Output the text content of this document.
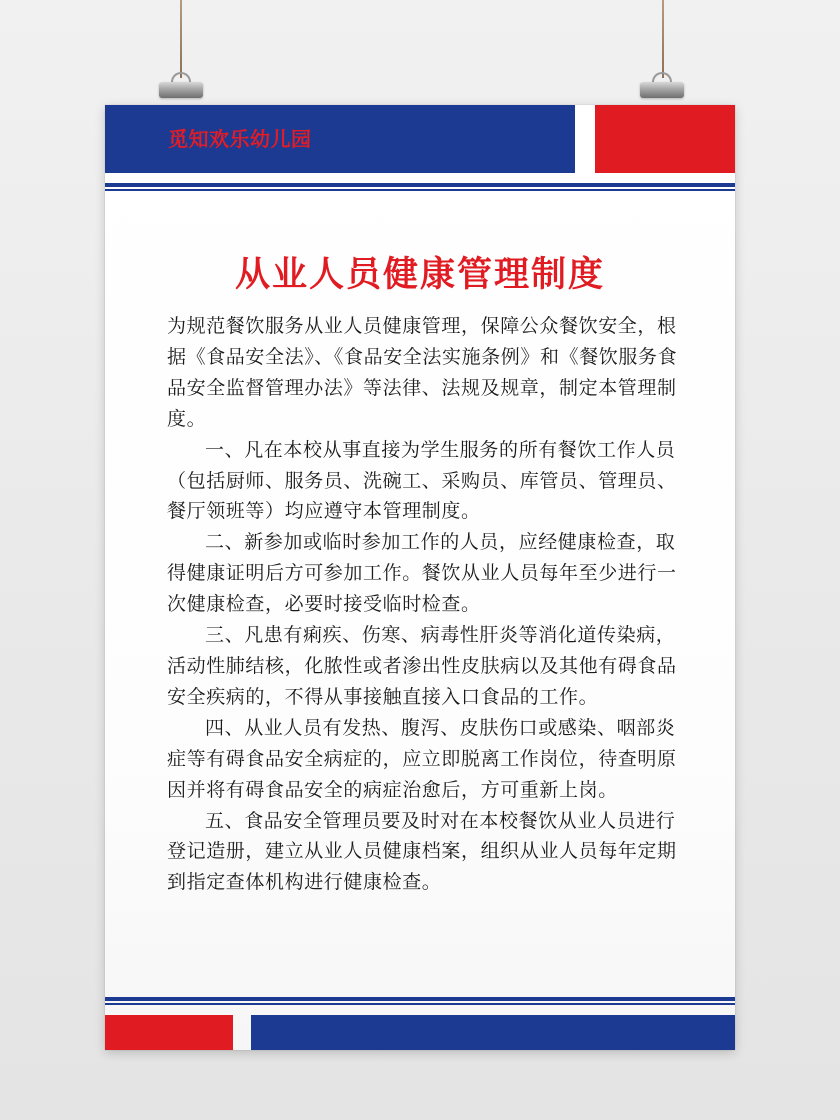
觅知欢乐幼儿园
从业人员健康管理制度

为规范餐饮服务从业人员健康管理，保障公众餐饮安全，根据《食品安全法》、《食品安全法实施条例》和《餐饮服务食品安全监督管理办法》等法律、法规及规章，制定本管理制度。

一、凡在本校从事直接为学生服务的所有餐饮工作人员（包括厨师、服务员、洗碗工、采购员、库管员、管理员、餐厅领班等）均应遵守本管理制度。

二、新参加或临时参加工作的人员，应经健康检查，取得健康证明后方可参加工作。餐饮从业人员每年至少进行一次健康检查，必要时接受临时检查。

三、凡患有痢疾、伤寒、病毒性肝炎等消化道传染病，活动性肺结核，化脓性或者渗出性皮肤病以及其他有碍食品安全疾病的，不得从事接触直接入口食品的工作。

四、从业人员有发热、腹泻、皮肤伤口或感染、咽部炎症等有碍食品安全病症的，应立即脱离工作岗位，待查明原因并将有碍食品安全的病症治愈后，方可重新上岗。

五、食品安全管理员要及时对在本校餐饮从业人员进行登记造册，建立从业人员健康档案，组织从业人员每年定期到指定查体机构进行健康检查。
